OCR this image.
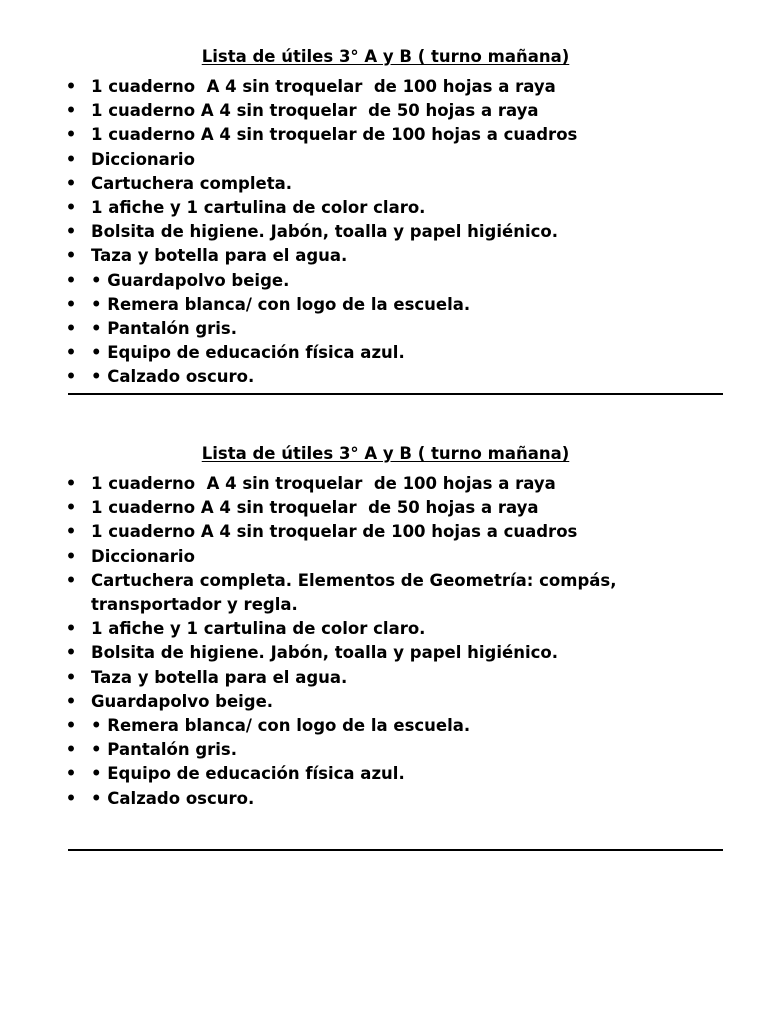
Lista de útiles 3° A y B ( turno mañana)

• 1 cuaderno  A 4 sin troquelar  de 100 hojas a raya
• 1 cuaderno A 4 sin troquelar  de 50 hojas a raya
• 1 cuaderno A 4 sin troquelar de 100 hojas a cuadros
• Diccionario
• Cartuchera completa.
• 1 afiche y 1 cartulina de color claro.
• Bolsita de higiene. Jabón, toalla y papel higiénico.
• Taza y botella para el agua.
• • Guardapolvo beige.
• • Remera blanca/ con logo de la escuela.
• • Pantalón gris.
• • Equipo de educación física azul.
• • Calzado oscuro.

Lista de útiles 3° A y B ( turno mañana)

• 1 cuaderno  A 4 sin troquelar  de 100 hojas a raya
• 1 cuaderno A 4 sin troquelar  de 50 hojas a raya
• 1 cuaderno A 4 sin troquelar de 100 hojas a cuadros
• Diccionario
• Cartuchera completa. Elementos de Geometría: compás, transportador y regla.
• 1 afiche y 1 cartulina de color claro.
• Bolsita de higiene. Jabón, toalla y papel higiénico.
• Taza y botella para el agua.
• Guardapolvo beige.
• • Remera blanca/ con logo de la escuela.
• • Pantalón gris.
• • Equipo de educación física azul.
• • Calzado oscuro.
